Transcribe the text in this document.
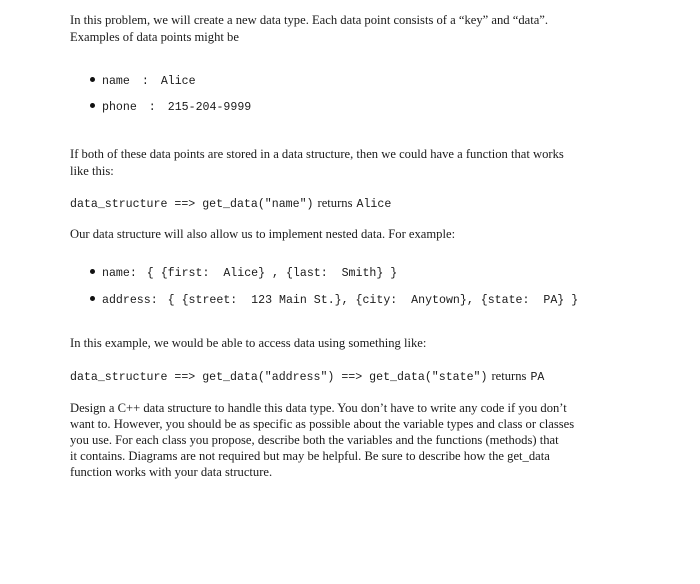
In this problem, we will create a new data type. Each data point consists of a “key” and “data”.
Examples of data points might be
name : Alice
phone : 215-204-9999
If both of these data points are stored in a data structure, then we could have a function that works
like this:
data_structure ==> get_data("name") returns Alice
Our data structure will also allow us to implement nested data. For example:
name: { {first:  Alice} , {last:  Smith} }
address: { {street:  123 Main St.}, {city:  Anytown}, {state:  PA} }
In this example, we would be able to access data using something like:
data_structure ==> get_data("address") ==> get_data("state") returns PA
Design a C++ data structure to handle this data type. You don’t have to write any code if you don’t
want to. However, you should be as specific as possible about the variable types and class or classes
you use. For each class you propose, describe both the variables and the functions (methods) that
it contains. Diagrams are not required but may be helpful. Be sure to describe how the get_data
function works with your data structure.
